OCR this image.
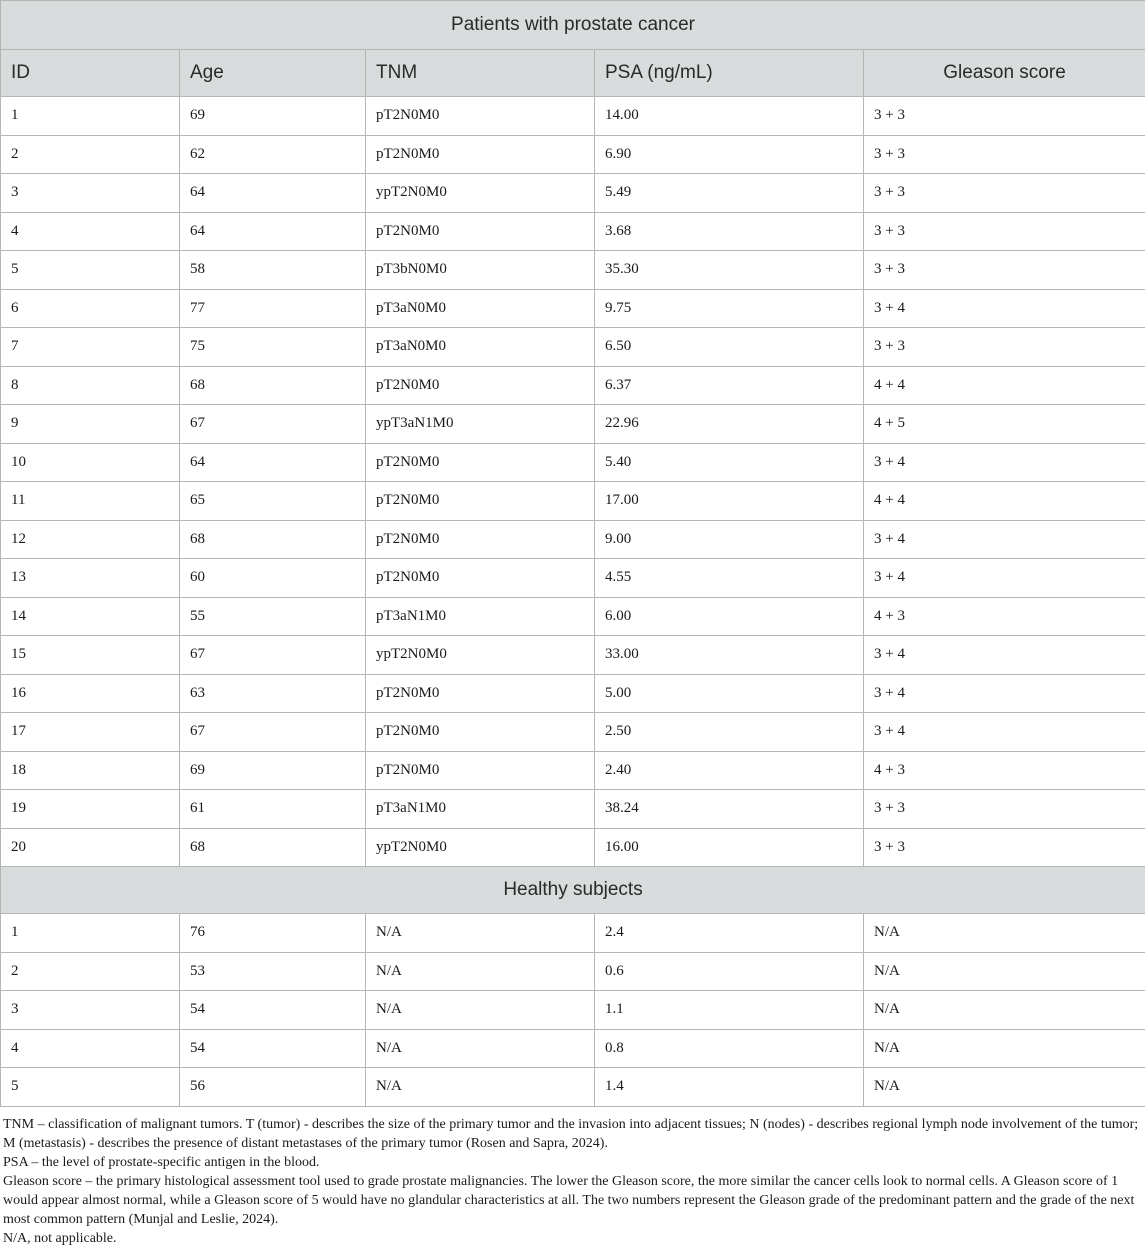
Patients with prostate cancer				
ID	Age	TNM	PSA (ng/mL)	Gleason score
1	69	pT2N0M0	14.00	3 + 3
2	62	pT2N0M0	6.90	3 + 3
3	64	ypT2N0M0	5.49	3 + 3
4	64	pT2N0M0	3.68	3 + 3
5	58	pT3bN0M0	35.30	3 + 3
6	77	pT3aN0M0	9.75	3 + 4
7	75	pT3aN0M0	6.50	3 + 3
8	68	pT2N0M0	6.37	4 + 4
9	67	ypT3aN1M0	22.96	4 + 5
10	64	pT2N0M0	5.40	3 + 4
11	65	pT2N0M0	17.00	4 + 4
12	68	pT2N0M0	9.00	3 + 4
13	60	pT2N0M0	4.55	3 + 4
14	55	pT3aN1M0	6.00	4 + 3
15	67	ypT2N0M0	33.00	3 + 4
16	63	pT2N0M0	5.00	3 + 4
17	67	pT2N0M0	2.50	3 + 4
18	69	pT2N0M0	2.40	4 + 3
19	61	pT3aN1M0	38.24	3 + 3
20	68	ypT2N0M0	16.00	3 + 3
Healthy subjects				
1	76	N/A	2.4	N/A
2	53	N/A	0.6	N/A
3	54	N/A	1.1	N/A
4	54	N/A	0.8	N/A
5	56	N/A	1.4	N/A

TNM – classification of malignant tumors. T (tumor) - describes the size of the primary tumor and the invasion into adjacent tissues; N (nodes) - describes regional lymph node involvement of the tumor; M (metastasis) - describes the presence of distant metastases of the primary tumor (Rosen and Sapra, 2024).

PSA – the level of prostate-specific antigen in the blood.

Gleason score – the primary histological assessment tool used to grade prostate malignancies. The lower the Gleason score, the more similar the cancer cells look to normal cells. A Gleason score of 1 would appear almost normal, while a Gleason score of 5 would have no glandular characteristics at all. The two numbers represent the Gleason grade of the predominant pattern and the grade of the next most common pattern (Munjal and Leslie, 2024).

N/A, not applicable.
